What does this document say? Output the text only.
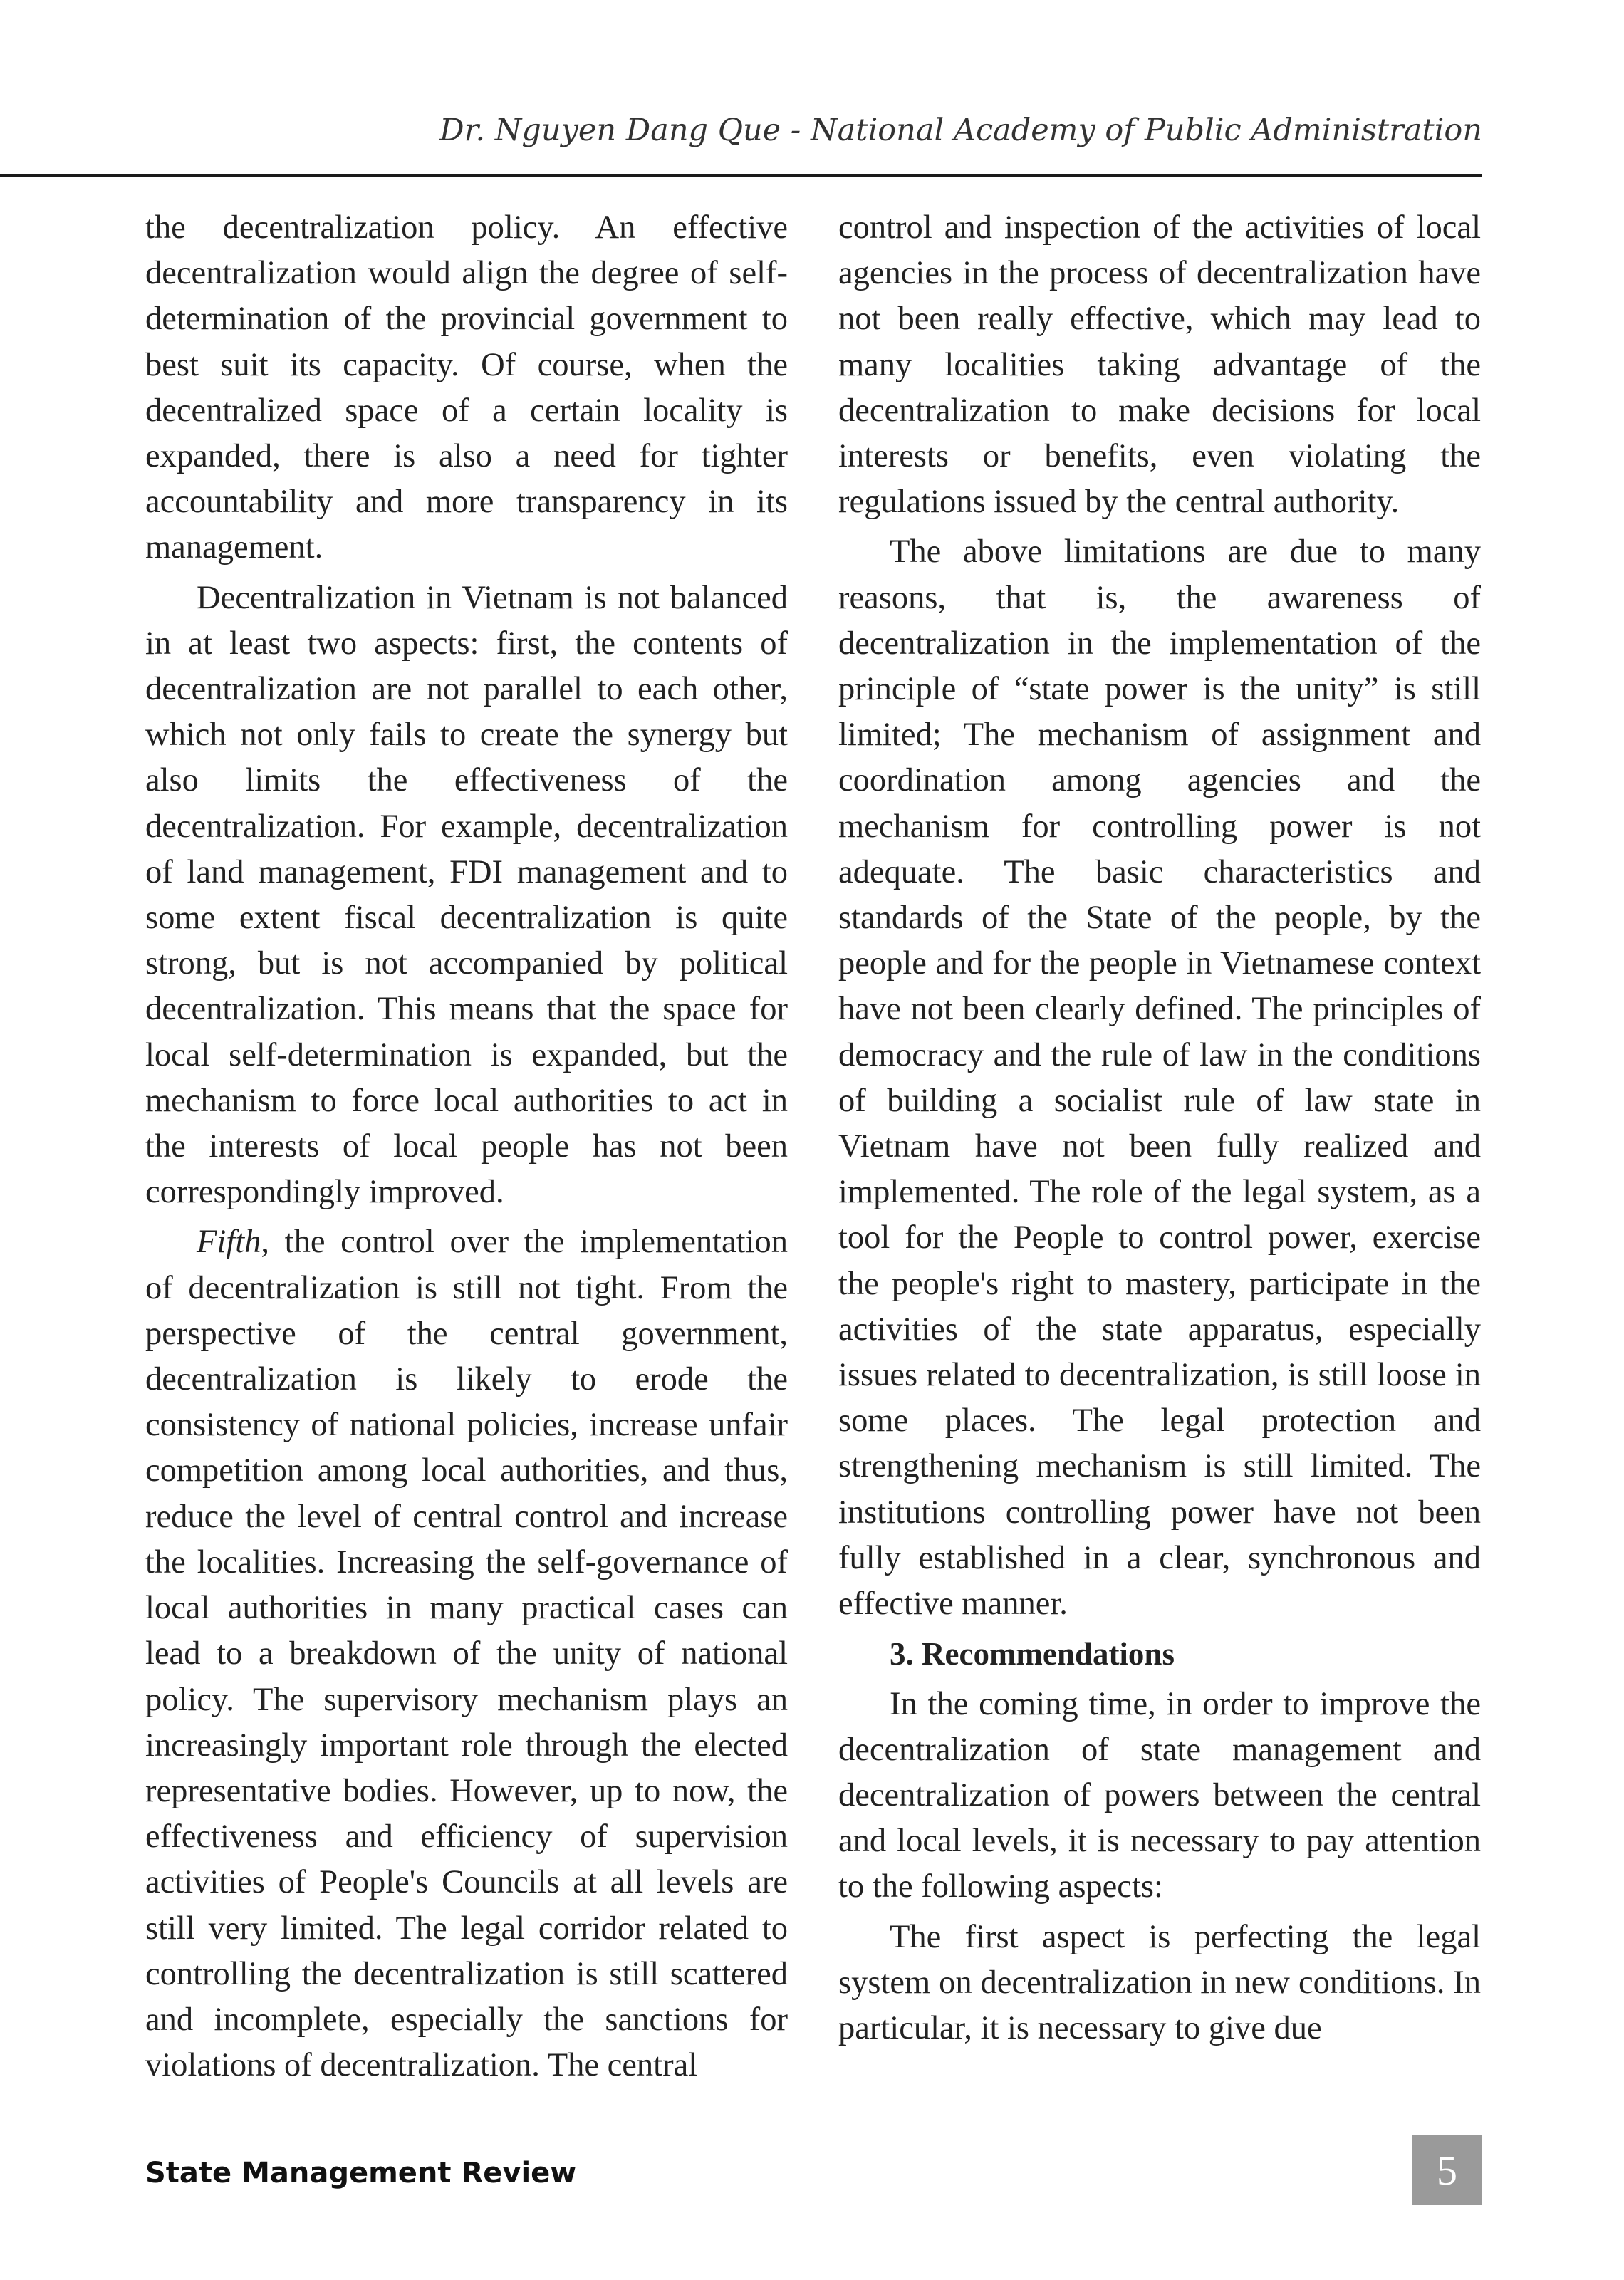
Dr. Nguyen Dang Que - National Academy of Public Administration

the decentralization policy. An effective decentralization would align the degree of self-determination of the provincial government to best suit its capacity. Of course, when the decentralized space of a certain locality is expanded, there is also a need for tighter accountability and more transparency in its management.

Decentralization in Vietnam is not balanced in at least two aspects: first, the contents of decentralization are not parallel to each other, which not only fails to create the synergy but also limits the effectiveness of the decentralization. For example, decentralization of land management, FDI management and to some extent fiscal decentralization is quite strong, but is not accompanied by political decentralization. This means that the space for local self-determination is expanded, but the mechanism to force local authorities to act in the interests of local people has not been correspondingly improved.

Fifth, the control over the implementation of decentralization is still not tight. From the perspective of the central government, decentralization is likely to erode the consistency of national policies, increase unfair competition among local authorities, and thus, reduce the level of central control and increase the localities. Increasing the self-governance of local authorities in many practical cases can lead to a breakdown of the unity of national policy. The supervisory mechanism plays an increasingly important role through the elected representative bodies. However, up to now, the effectiveness and efficiency of supervision activities of People's Councils at all levels are still very limited. The legal corridor related to controlling the decentralization is still scattered and incomplete, especially the sanctions for violations of decentralization. The central

control and inspection of the activities of local agencies in the process of decentralization have not been really effective, which may lead to many localities taking advantage of the decentralization to make decisions for local interests or benefits, even violating the regulations issued by the central authority.

The above limitations are due to many reasons, that is, the awareness of decentralization in the implementation of the principle of “state power is the unity” is still limited; The mechanism of assignment and coordination among agencies and the mechanism for controlling power is not adequate. The basic characteristics and standards of the State of the people, by the people and for the people in Vietnamese context have not been clearly defined. The principles of democracy and the rule of law in the conditions of building a socialist rule of law state in Vietnam have not been fully realized and implemented. The role of the legal system, as a tool for the People to control power, exercise the people's right to mastery, participate in the activities of the state apparatus, especially issues related to decentralization, is still loose in some places. The legal protection and strengthening mechanism is still limited. The institutions controlling power have not been fully established in a clear, synchronous and effective manner.

3. Recommendations

In the coming time, in order to improve the decentralization of state management and decentralization of powers between the central and local levels, it is necessary to pay attention to the following aspects:

The first aspect is perfecting the legal system on decentralization in new conditions. In particular, it is necessary to give due

State Management Review	5
